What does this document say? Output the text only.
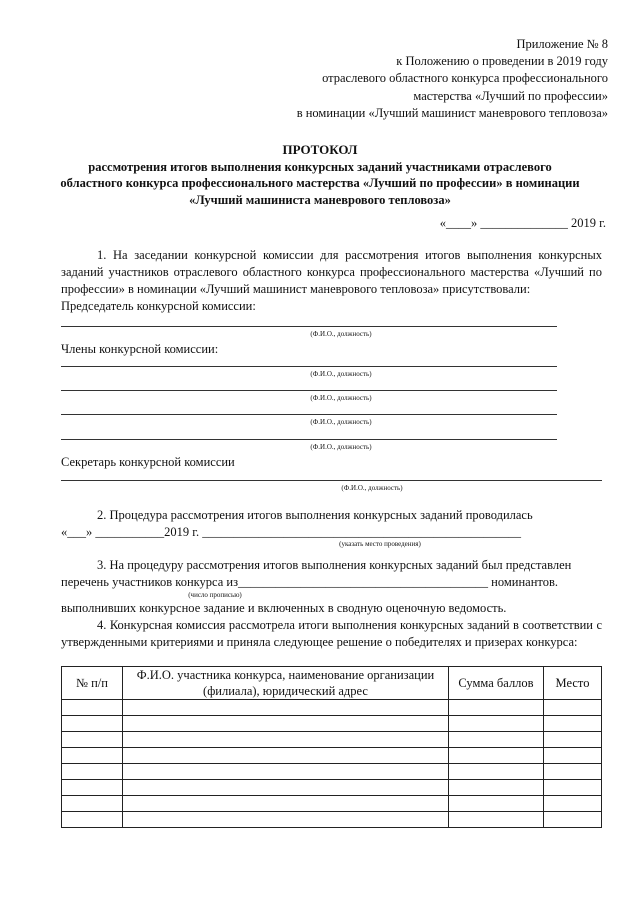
Приложение № 8
к Положению о проведении в 2019 году
отраслевого областного конкурса профессионального
мастерства «Лучший по профессии»
в номинации «Лучший машинист маневрового тепловоза»
ПРОТОКОЛ
рассмотрения итогов выполнения конкурсных заданий участниками отраслевого
областного конкурса профессионального мастерства «Лучший по профессии» в номинации
«Лучший машиниста маневрового тепловоза»
«____» ______________ 2019 г.
1. На заседании конкурсной комиссии для рассмотрения итогов выполнения конкурсных заданий участников отраслевого областного конкурса профессионального мастерства «Лучший по профессии» в номинации «Лучший машинист маневрового тепловоза» присутствовали:
Председатель конкурсной комиссии:
(Ф.И.О., должность)
Члены конкурсной комиссии:
(Ф.И.О., должность)
(Ф.И.О., должность)
(Ф.И.О., должность)
(Ф.И.О., должность)
Секретарь конкурсной комиссии
(Ф.И.О., должность)
2. Процедура рассмотрения итогов выполнения конкурсных заданий проводилась
«___» ___________2019 г. ___________________________________________________
(указать место проведения)
3. На процедуру рассмотрения итогов выполнения конкурсных заданий был представлен
перечень участников конкурса из________________________________________ номинантов.
(число прописью)
выполнивших конкурсное задание и включенных в сводную оценочную ведомость.
4. Конкурсная комиссия рассмотрела итоги выполнения конкурсных заданий в соответствии с утвержденными критериями и приняла следующее решение о победителях и призерах конкурса:
№ п/п	Ф.И.О. участника конкурса, наименование организации (филиала), юридический адрес	Сумма баллов	Место
